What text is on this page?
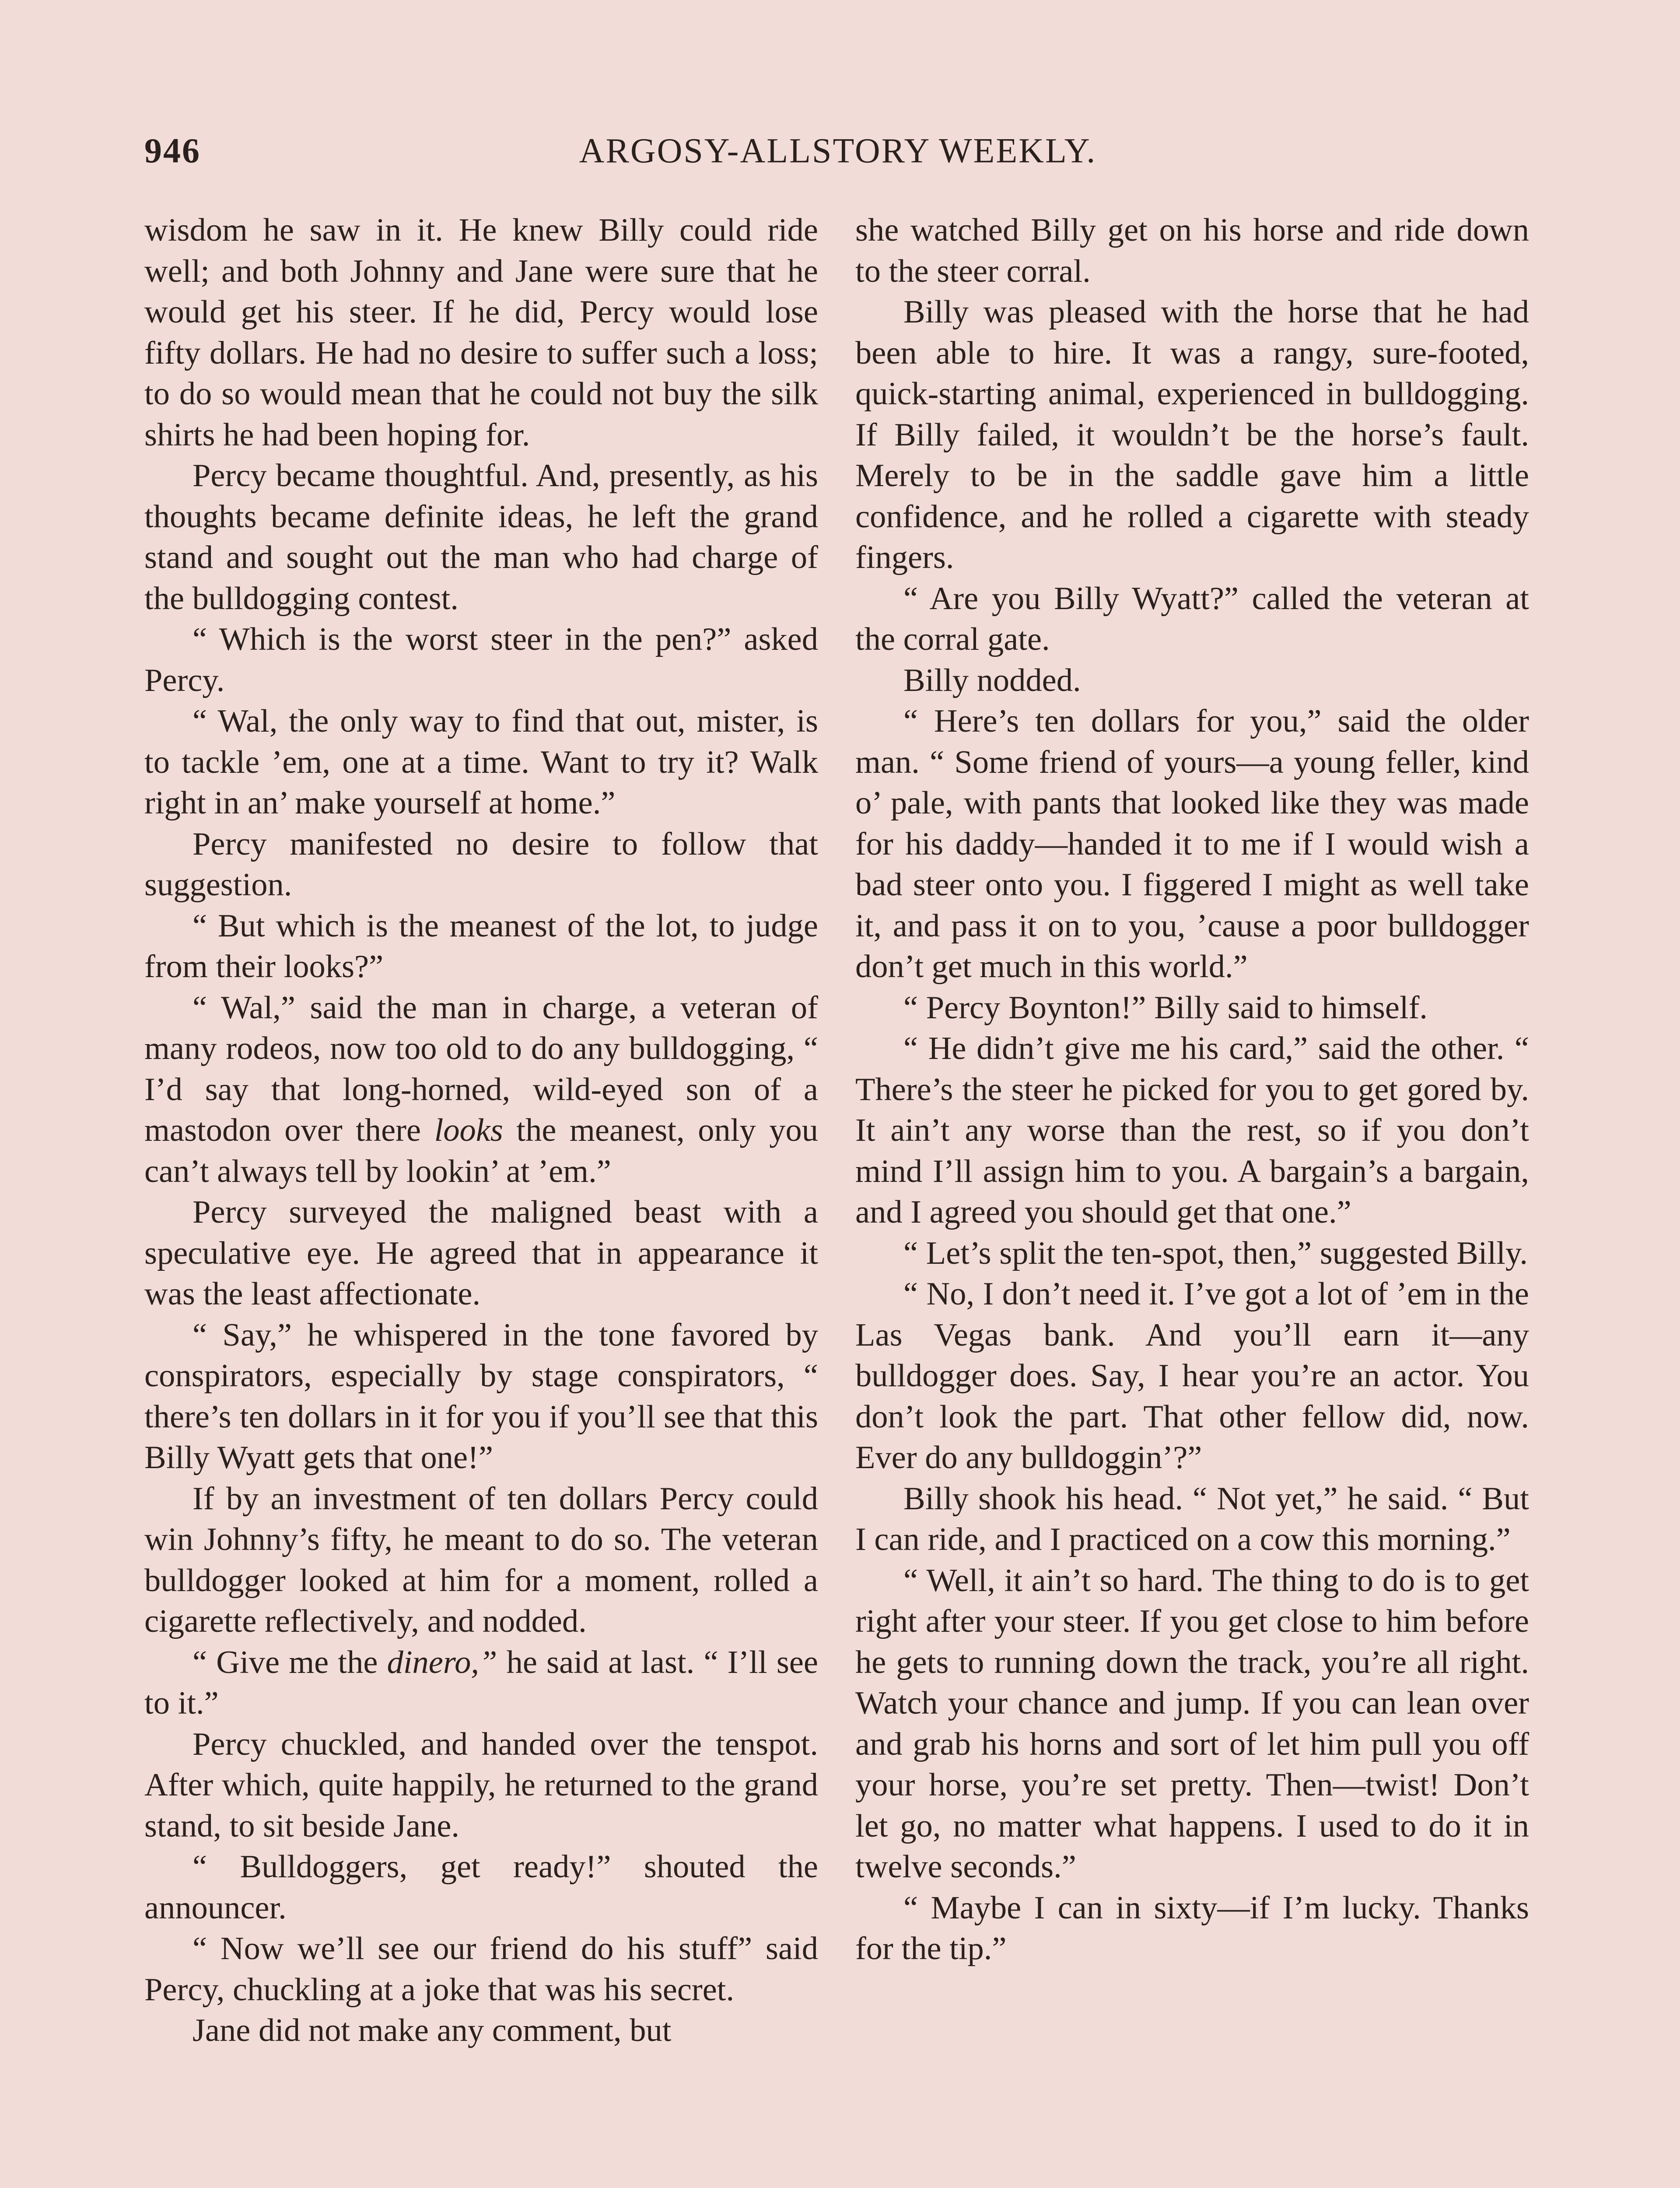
946	ARGOSY-ALLSTORY WEEKLY.

wisdom he saw in it. He knew Billy could ride well; and both Johnny and Jane were sure that he would get his steer. If he did, Percy would lose fifty dollars. He had no desire to suffer such a loss; to do so would mean that he could not buy the silk shirts he had been hoping for.

Percy became thoughtful. And, presently, as his thoughts became definite ideas, he left the grand stand and sought out the man who had charge of the bulldogging contest.

“ Which is the worst steer in the pen?” asked Percy.

“ Wal, the only way to find that out, mister, is to tackle ’em, one at a time. Want to try it? Walk right in an’ make yourself at home.”

Percy manifested no desire to follow that suggestion.

“ But which is the meanest of the lot, to judge from their looks?”

“ Wal,” said the man in charge, a veteran of many rodeos, now too old to do any bulldogging, “ I’d say that long-horned, wild-eyed son of a mastodon over there looks the meanest, only you can’t always tell by lookin’ at ’em.”

Percy surveyed the maligned beast with a speculative eye. He agreed that in appearance it was the least affectionate.

“ Say,” he whispered in the tone favored by conspirators, especially by stage conspirators, “ there’s ten dollars in it for you if you’ll see that this Billy Wyatt gets that one!”

If by an investment of ten dollars Percy could win Johnny’s fifty, he meant to do so. The veteran bulldogger looked at him for a moment, rolled a cigarette reflectively, and nodded.

“ Give me the dinero,” he said at last. “ I’ll see to it.”

Percy chuckled, and handed over the tenspot. After which, quite happily, he returned to the grand stand, to sit beside Jane.

“ Bulldoggers, get ready!” shouted the announcer.

“ Now we’ll see our friend do his stuff” said Percy, chuckling at a joke that was his secret.

Jane did not make any comment, but

she watched Billy get on his horse and ride down to the steer corral.

Billy was pleased with the horse that he had been able to hire. It was a rangy, sure-footed, quick-starting animal, experienced in bulldogging. If Billy failed, it wouldn’t be the horse’s fault. Merely to be in the saddle gave him a little confidence, and he rolled a cigarette with steady fingers.

“ Are you Billy Wyatt?” called the veteran at the corral gate.

Billy nodded.

“ Here’s ten dollars for you,” said the older man. “ Some friend of yours—a young feller, kind o’ pale, with pants that looked like they was made for his daddy—handed it to me if I would wish a bad steer onto you. I figgered I might as well take it, and pass it on to you, ’cause a poor bulldogger don’t get much in this world.”

“ Percy Boynton!” Billy said to himself.

“ He didn’t give me his card,” said the other. “ There’s the steer he picked for you to get gored by. It ain’t any worse than the rest, so if you don’t mind I’ll assign him to you. A bargain’s a bargain, and I agreed you should get that one.”

“ Let’s split the ten-spot, then,” suggested Billy.

“ No, I don’t need it. I’ve got a lot of ’em in the Las Vegas bank. And you’ll earn it—any bulldogger does. Say, I hear you’re an actor. You don’t look the part. That other fellow did, now. Ever do any bulldoggin’?”

Billy shook his head. “ Not yet,” he said. “ But I can ride, and I practiced on a cow this morning.”

“ Well, it ain’t so hard. The thing to do is to get right after your steer. If you get close to him before he gets to running down the track, you’re all right. Watch your chance and jump. If you can lean over and grab his horns and sort of let him pull you off your horse, you’re set pretty. Then—twist! Don’t let go, no matter what happens. I used to do it in twelve seconds.”

“ Maybe I can in sixty—if I’m lucky. Thanks for the tip.”
